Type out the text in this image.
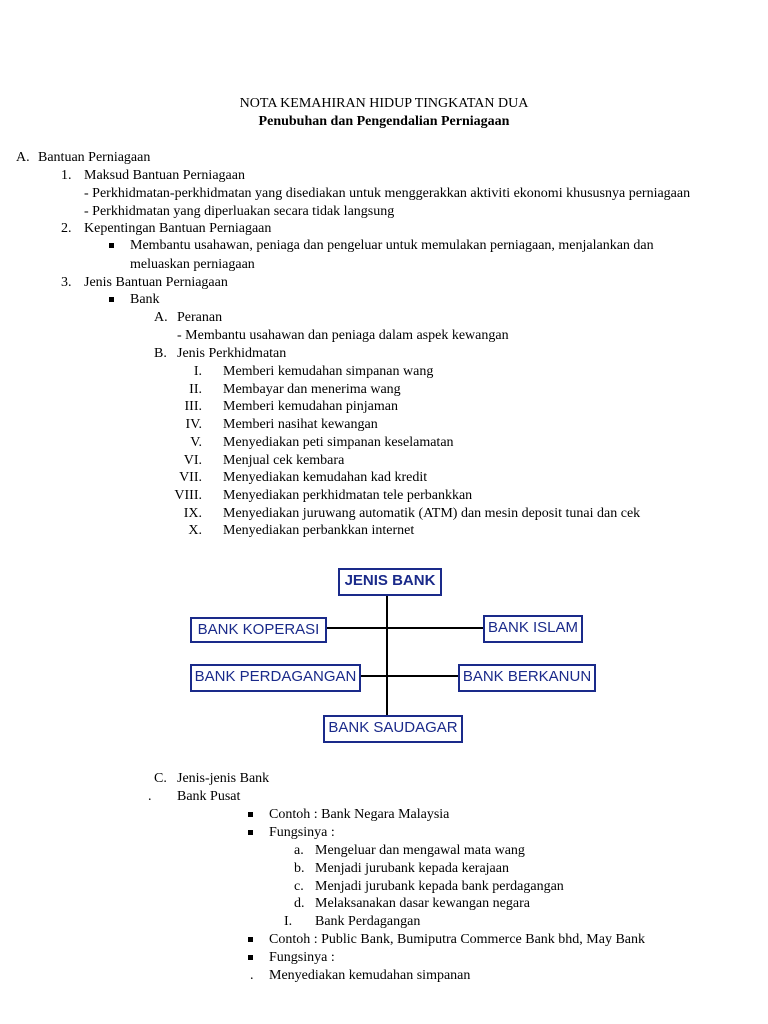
NOTA KEMAHIRAN HIDUP TINGKATAN DUA
Penubuhan dan Pengendalian Perniagaan
A. Bantuan Perniagaan
1. Maksud Bantuan Perniagaan
- Perkhidmatan-perkhidmatan yang disediakan untuk menggerakkan aktiviti ekonomi khususnya perniagaan
- Perkhidmatan yang diperluakan secara tidak langsung
2. Kepentingan Bantuan Perniagaan
Membantu usahawan, peniaga dan pengeluar untuk memulakan perniagaan, menjalankan dan
meluaskan perniagaan
3. Jenis Bantuan Perniagaan
Bank
A. Peranan
- Membantu usahawan dan peniaga dalam aspek kewangan
B. Jenis Perkhidmatan
I. Memberi kemudahan simpanan wang
II. Membayar dan menerima wang
III. Memberi kemudahan pinjaman
IV. Memberi nasihat kewangan
V. Menyediakan peti simpanan keselamatan
VI. Menjual cek kembara
VII. Menyediakan kemudahan kad kredit
VIII. Menyediakan perkhidmatan tele perbankkan
IX. Menyediakan juruwang automatik (ATM) dan mesin deposit tunai dan cek
X. Menyediakan perbankkan internet
JENIS BANK
BANK KOPERASI	BANK ISLAM
BANK PERDAGANGAN	BANK BERKANUN
BANK SAUDAGAR
C. Jenis-jenis Bank
. Bank Pusat
Contoh : Bank Negara Malaysia
Fungsinya :
a. Mengeluar dan mengawal mata wang
b. Menjadi jurubank kepada kerajaan
c. Menjadi jurubank kepada bank perdagangan
d. Melaksanakan dasar kewangan negara
I. Bank Perdagangan
Contoh : Public Bank, Bumiputra Commerce Bank bhd, May Bank
Fungsinya :
. Menyediakan kemudahan simpanan
